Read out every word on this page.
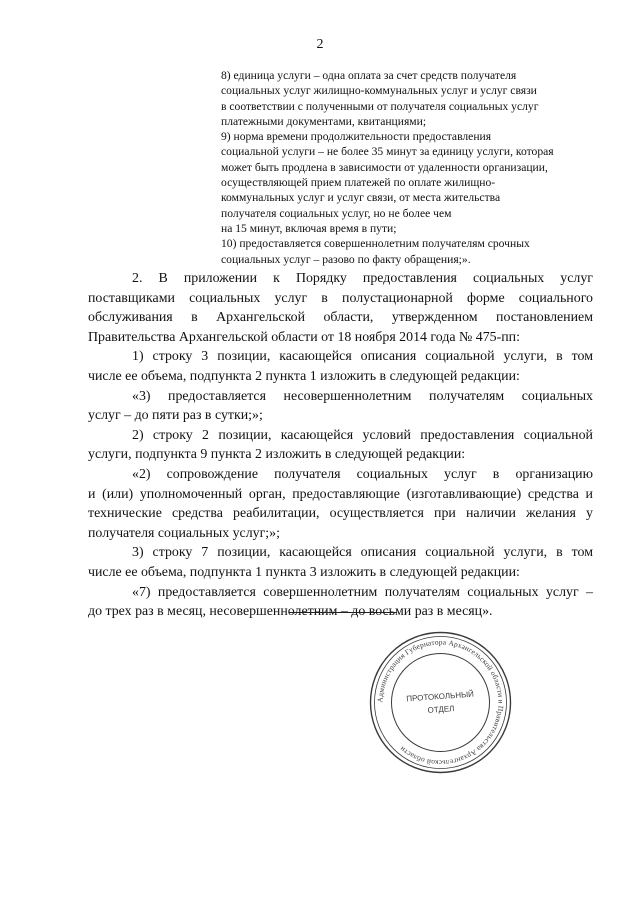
2
8) единица услуги – одна оплата за счет средств получателя
социальных услуг жилищно-коммунальных услуг и услуг связи
в соответствии с полученными от получателя социальных услуг
платежными документами, квитанциями;
9) норма времени продолжительности предоставления
социальной услуги – не более 35 минут за единицу услуги, которая
может быть продлена в зависимости от удаленности организации,
осуществляющей прием платежей по оплате жилищно-
коммунальных услуг и услуг связи, от места жительства
получателя социальных услуг, но не более чем
на 15 минут, включая время в пути;
10) предоставляется совершеннолетним получателям срочных
социальных услуг – разово по факту обращения;».

2. В приложении к Порядку предоставления социальных услуг

поставщиками социальных услуг в полустационарной форме социального обслуживания в Архангельской области, утвержденном постановлением Правительства Архангельской области от 18 ноября 2014 года № 475-пп:

1) строку 3 позиции, касающейся описания социальной услуги, в том

числе ее объема, подпункта 2 пункта 1 изложить в следующей редакции:

«3) предоставляется несовершеннолетним получателям социальных

услуг – до пяти раз в сутки;»;

2) строку 2 позиции, касающейся условий предоставления социальной

услуги, подпункта 9 пункта 2 изложить в следующей редакции:

«2) сопровождение получателя социальных услуг в организацию

и (или) уполномоченный орган, предоставляющие (изготавливающие) средства и технические средства реабилитации, осуществляется при наличии желания у получателя социальных услуг;»;

3) строку 7 позиции, касающейся описания социальной услуги, в том

числе ее объема, подпункта 1 пункта 3 изложить в следующей редакции:

«7) предоставляется совершеннолетним получателям социальных услуг –

до трех раз в месяц, несовершеннолетним – до восьми раз в месяц».

Администрация Губернатора Архангельской области и Правительства Архангельской области
ПРОТОКОЛЬНЫЙ
ОТДЕЛ
